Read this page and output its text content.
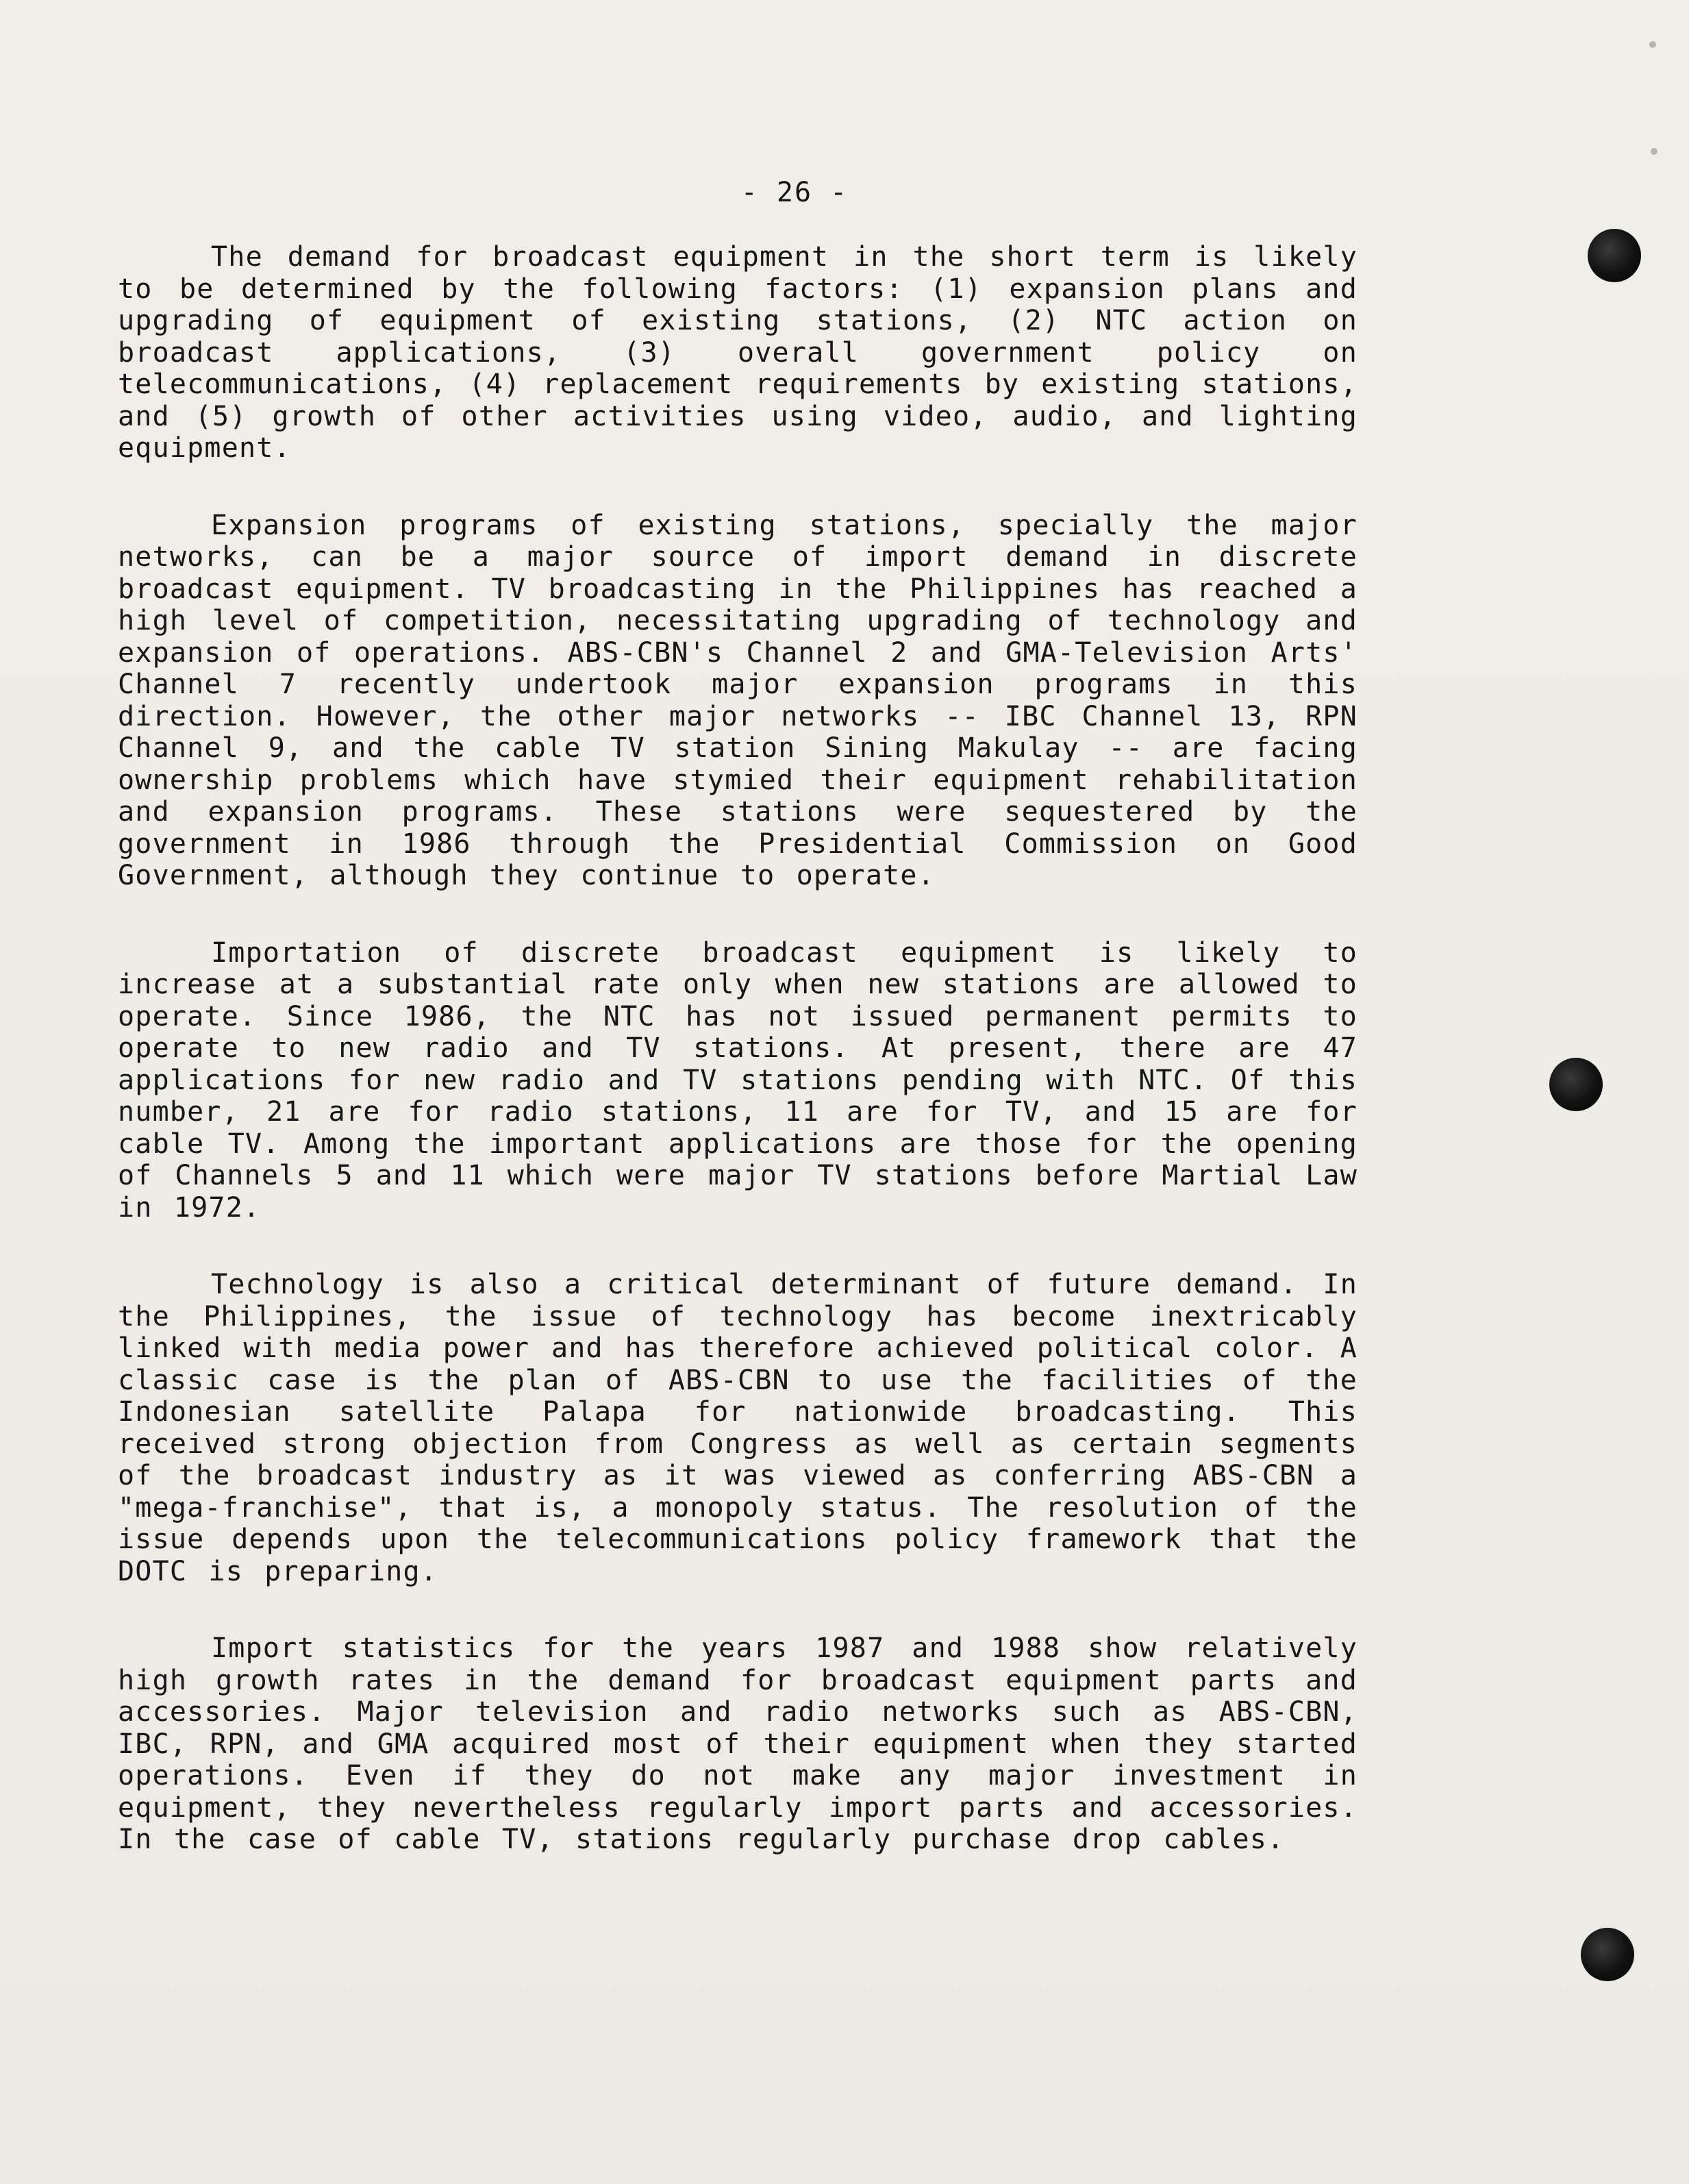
- 26 -

The demand for broadcast equipment in the short term is likely to be determined by the following factors: (1) expansion plans and upgrading of equipment of existing stations, (2) NTC action on broadcast applications, (3) overall government policy on telecommunications, (4) replacement requirements by existing stations, and (5) growth of other activities using video, audio, and lighting equipment.

Expansion programs of existing stations, specially the major networks, can be a major source of import demand in discrete broadcast equipment. TV broadcasting in the Philippines has reached a high level of competition, necessitating upgrading of technology and expansion of operations. ABS-CBN's Channel 2 and GMA-Television Arts' Channel 7 recently undertook major expansion programs in this direction. However, the other major networks -- IBC Channel 13, RPN Channel 9, and the cable TV station Sining Makulay -- are facing ownership problems which have stymied their equipment rehabilitation and expansion programs. These stations were sequestered by the government in 1986 through the Presidential Commission on Good Government, although they continue to operate.

Importation of discrete broadcast equipment is likely to increase at a substantial rate only when new stations are allowed to operate. Since 1986, the NTC has not issued permanent permits to operate to new radio and TV stations. At present, there are 47 applications for new radio and TV stations pending with NTC. Of this number, 21 are for radio stations, 11 are for TV, and 15 are for cable TV. Among the important applications are those for the opening of Channels 5 and 11 which were major TV stations before Martial Law in 1972.

Technology is also a critical determinant of future demand. In the Philippines, the issue of technology has become inextricably linked with media power and has therefore achieved political color. A classic case is the plan of ABS-CBN to use the facilities of the Indonesian satellite Palapa for nationwide broadcasting. This received strong objection from Congress as well as certain segments of the broadcast industry as it was viewed as conferring ABS-CBN a "mega-franchise", that is, a monopoly status. The resolution of the issue depends upon the telecommunications policy framework that the DOTC is preparing.

Import statistics for the years 1987 and 1988 show relatively high growth rates in the demand for broadcast equipment parts and accessories. Major television and radio networks such as ABS-CBN, IBC, RPN, and GMA acquired most of their equipment when they started operations. Even if they do not make any major investment in equipment, they nevertheless regularly import parts and accessories. In the case of cable TV, stations regularly purchase drop cables.
